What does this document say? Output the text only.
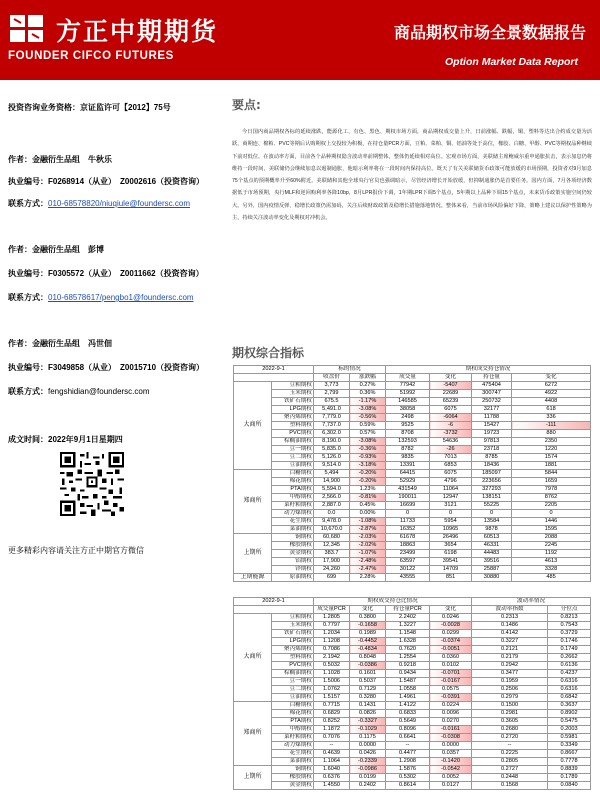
方正中期期货
FOUNDER CIFCO FUTURES
商品期权市场全景数据报告
Option Market Data Report
投资咨询业务资格：京证监许可【2012】75号
作者：金融衍生品组　牛秋乐
执业编号：F0268914（从业）　Z0002616（投资咨询）
联系方式：010-68578820/niuqiule@foundersc.com
作者：金融衍生品组　彭博
执业编号：F0305572（从业）　Z0011662（投资咨询）
联系方式：010-68578617/pengbo1@foundersc.com
作者：金融衍生品组　冯世佃
执业编号：F3049858（从业）　Z0015710（投资咨询）
联系方式：fengshidian@foundersc.com
成文时间：2022年9月1日星期四
更多精彩内容请关注方正中期官方微信
要点:
今日国内商品期权各标的延续涨跌，能源化工、有色、黑色、期权市场方面，商品期权成交量上升，日前涨幅、跌幅，铜、塑料等达出合约成交量为活跃，商期连、棉粕、PVC等期后认购期权上交投较为积极，在持仓量PCR方面，豆粕、菜粕、铜、铝油等处于高位，橡胶、白糖、甲醇、PVC等期权品种继续下前对低位，在波动率方面，目前各个品种期权隐含波动率前期整体，整体仍延续相对高位。宏观市场方面，美联储主席鲍威尔重申通胀抗击，表示加息仍将维持一段时间，美联储仍会继续加息以遏制通胀，他暗示利率将在一段时间内保持高位。既天了有关美联储货币政策可能放缓的市场预期，投资者对9月加息75个基点的预期概率升至60%附近。美联储和其他全球央行官员也强调暗示，尽管经济增长开始放缓，但抑制通胀仍是首要任务。国内方面，7月各项经济数据低于市场预期，央行MLF和逆回购利率各降10bp，8月LPR报价下调，1年期LPR下调5个基点，5年期以上品种下调15个基点，未来货币政策实施空间仍较大。另外，国内疫情反弹，稳增长政策仍需加码，关注后续财政政策及稳增长措施落地情况。整体来看，当前市场风险偏好下降，策略上建议以保护性策略为主，持续关注波动率变化及期权对冲机会。
期权综合指标
2022-9-1		标的情况		期权成交持仓情况			
		收盘价	涨跌幅	成交量	变化	持仓量	变化
大商所	豆粕期权	3,773	0.27%	77942	-5407	475404	6272
	玉米期权	2,799	0.36%	51992	22689	300747	4922
	铁矿石期权	675.5	-1.17%	146585	65239	250732	4408
	LPG期权	5,491.0	-3.08%	38058	6075	32177	618
	聚丙烯期权	7,779.0	-0.56%	2498	-6064	11788	336
	塑料期权	7,737.0	0.59%	9525	-6	15427	-111
	PVC期权	6,302.0	0.57%	8708	-3732	19723	880
	棕榈油期权	8,190.0	-3.08%	132593	54636	97813	2350
	豆一期权	5,835.0	-0.36%	8782	-26	23718	1220
	豆二期权	5,126.0	-0.93%	9835	7013	8785	1574
	豆油期权	9,514.0	-3.18%	13391	6853	18436	1881
郑商所	白糖期权	5,494	-0.20%	64415	6075	185097	5844
	棉花期权	14,900	-0.20%	52929	4796	223656	1659
	PTA期权	5,594.0	1.23%	431549	11064	327293	7978
	甲醇期权	2,566.0	-0.81%	190011	12947	138151	8762
	菜籽粕期权	2,887.0	0.45%	16699	3121	55225	2205
	动力煤期权	0.0	0.00%	0	0	0	0
	花生期权	9,478.0	-1.08%	11733	5954	13584	1446
	菜油期权	10,670.0	-2.87%	16352	10965	9878	1595
上期所	铜期权	60,680	-2.03%	61678	26496	60513	2088
	橡胶期权	12,345	-2.02%	18863	3654	46331	2245
	黄金期权	383.7	-1.07%	23499	6198	44483	1192
	铝期权	17,900	-2.48%	63597	39541	39516	4613
	锌期权	24,260	-2.47%	30122	14709	25887	3328
上期能源	原油期权	699	2.28%	43555	851	30880	485
2022-9-1		期权成交持仓比情况				波动率情况	
		成交量PCR	变化	持仓量PCR	变化	波动率指数	分位点
大商所	豆粕期权	1.2805	0.3800	2.2402	0.0246	0.2313	0.8213
	玉米期权	0.7797	-0.1658	1.3227	-0.0028	0.1486	0.7543
	铁矿石期权	1.2034	0.1989	1.1548	0.0299	0.4142	0.3729
	LPG期权	1.1208	-0.4452	1.6328	-0.0374	0.3227	0.1746
	聚丙烯期权	0.7086	-0.4834	0.7620	-0.0051	0.2121	0.1749
	塑料期权	2.1942	0.8048	1.2554	0.0360	0.2179	0.2662
	PVC期权	0.5032	-0.0386	0.9218	0.0102	0.2942	0.6136
	棕榈油期权	1.1028	0.1601	0.9434	-0.0701	0.3477	0.4237
	豆一期权	1.5006	0.5037	1.5487	-0.0167	0.1959	0.6316
	豆二期权	1.0762	0.7129	1.0558	0.0575	0.2506	0.6316
	豆油期权	1.5157	0.3280	1.4961	-0.0391	0.2979	0.6842
郑商所	白糖期权	0.7715	0.1431	1.4122	0.0224	0.1500	0.3637
	棉花期权	0.6829	0.0826	0.6833	0.0096	0.2981	0.8902
	PTA期权	0.8252	-0.3327	0.5649	0.0270	0.3605	0.5475
	甲醇期权	1.1872	-0.1029	0.8096	-0.0161	0.2680	0.2003
	菜籽粕期权	0.7076	0.1175	0.6641	-0.0308	0.2720	0.5981
	动力煤期权	--	0.0000	--	0.0000	--	0.3349
	花生期权	0.4639	0.0426	0.4477	0.0357	0.2225	0.8667
	菜油期权	1.1064	-0.2339	1.2908	-0.1420	0.2805	0.7778
上期所	铜期权	1.6040	-0.0986	1.5876	-0.0542	0.2727	0.8839
	橡胶期权	0.6376	0.0199	0.5302	0.0052	0.2448	0.1789
	黄金期权	1.4550	0.2402	0.8614	0.0127	0.1568	0.0840
